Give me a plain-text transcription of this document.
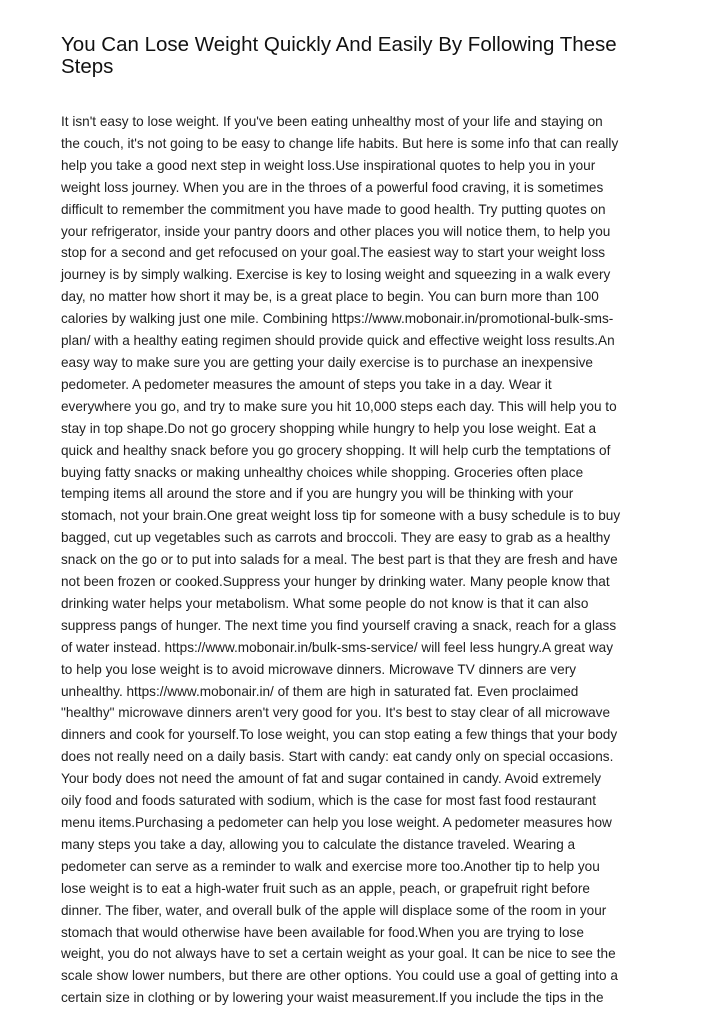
You Can Lose Weight Quickly And Easily By Following These
Steps

It isn't easy to lose weight. If you've been eating unhealthy most of your life and staying on
the couch, it's not going to be easy to change life habits. But here is some info that can really
help you take a good next step in weight loss.Use inspirational quotes to help you in your
weight loss journey. When you are in the throes of a powerful food craving, it is sometimes
difficult to remember the commitment you have made to good health. Try putting quotes on
your refrigerator, inside your pantry doors and other places you will notice them, to help you
stop for a second and get refocused on your goal.The easiest way to start your weight loss
journey is by simply walking. Exercise is key to losing weight and squeezing in a walk every
day, no matter how short it may be, is a great place to begin. You can burn more than 100
calories by walking just one mile. Combining https://www.mobonair.in/promotional-bulk-sms-
plan/ with a healthy eating regimen should provide quick and effective weight loss results.An
easy way to make sure you are getting your daily exercise is to purchase an inexpensive
pedometer. A pedometer measures the amount of steps you take in a day. Wear it
everywhere you go, and try to make sure you hit 10,000 steps each day. This will help you to
stay in top shape.Do not go grocery shopping while hungry to help you lose weight. Eat a
quick and healthy snack before you go grocery shopping. It will help curb the temptations of
buying fatty snacks or making unhealthy choices while shopping. Groceries often place
temping items all around the store and if you are hungry you will be thinking with your
stomach, not your brain.One great weight loss tip for someone with a busy schedule is to buy
bagged, cut up vegetables such as carrots and broccoli. They are easy to grab as a healthy
snack on the go or to put into salads for a meal. The best part is that they are fresh and have
not been frozen or cooked.Suppress your hunger by drinking water. Many people know that
drinking water helps your metabolism. What some people do not know is that it can also
suppress pangs of hunger. The next time you find yourself craving a snack, reach for a glass
of water instead. https://www.mobonair.in/bulk-sms-service/ will feel less hungry.A great way
to help you lose weight is to avoid microwave dinners. Microwave TV dinners are very
unhealthy. https://www.mobonair.in/ of them are high in saturated fat. Even proclaimed
"healthy" microwave dinners aren't very good for you. It's best to stay clear of all microwave
dinners and cook for yourself.To lose weight, you can stop eating a few things that your body
does not really need on a daily basis. Start with candy: eat candy only on special occasions.
Your body does not need the amount of fat and sugar contained in candy. Avoid extremely
oily food and foods saturated with sodium, which is the case for most fast food restaurant
menu items.Purchasing a pedometer can help you lose weight. A pedometer measures how
many steps you take a day, allowing you to calculate the distance traveled. Wearing a
pedometer can serve as a reminder to walk and exercise more too.Another tip to help you
lose weight is to eat a high-water fruit such as an apple, peach, or grapefruit right before
dinner. The fiber, water, and overall bulk of the apple will displace some of the room in your
stomach that would otherwise have been available for food.When you are trying to lose
weight, you do not always have to set a certain weight as your goal. It can be nice to see the
scale show lower numbers, but there are other options. You could use a goal of getting into a
certain size in clothing or by lowering your waist measurement.If you include the tips in the
